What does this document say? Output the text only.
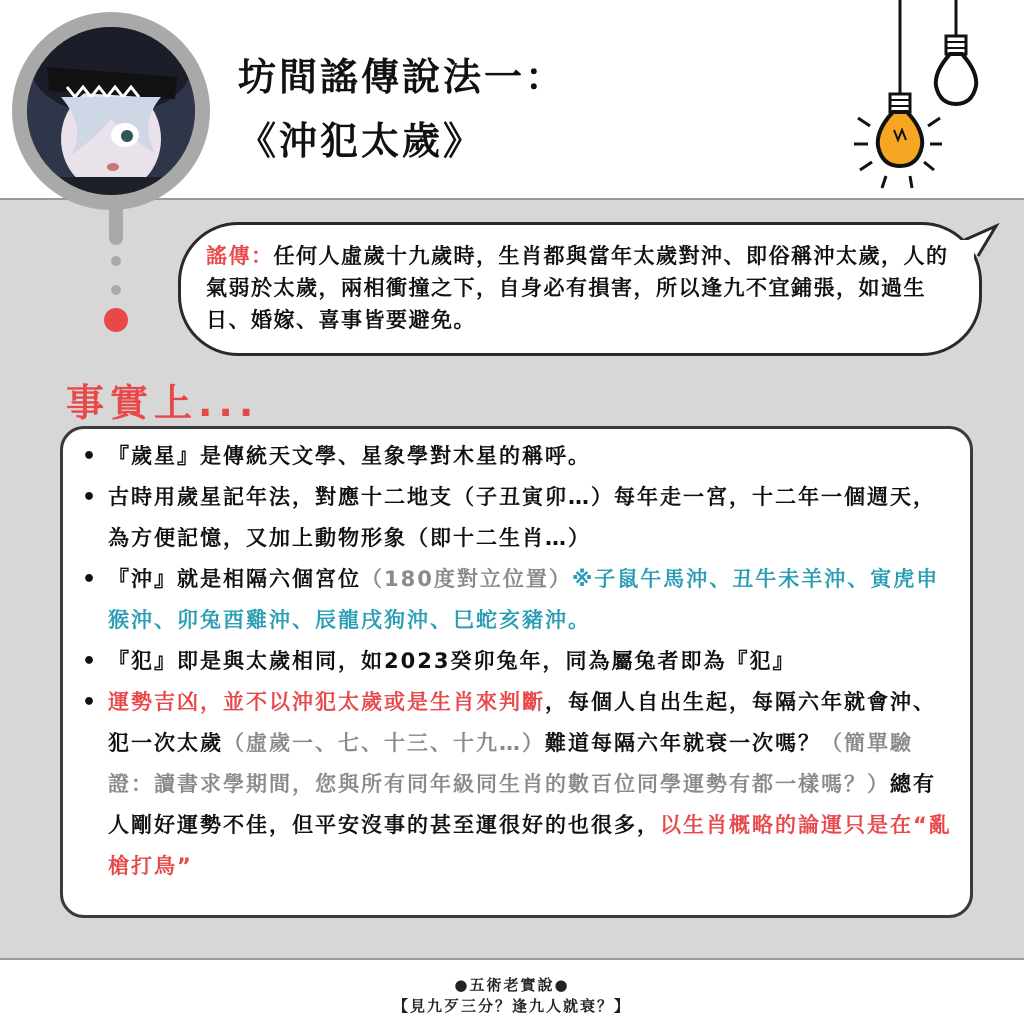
坊間謠傳說法一：
《沖犯太歲》
謠傳：任何人虛歲十九歲時，生肖都與當年太歲對沖、即俗稱沖太歲，人的氣弱於太歲，兩相衝撞之下，自身必有損害，所以逢九不宜鋪張，如過生日、婚嫁、喜事皆要避免。
事實上...
• 『歲星』是傳統天文學、星象學對木星的稱呼。
• 古時用歲星記年法，對應十二地支（子丑寅卯…）每年走一宮，十二年一個週天，為方便記憶，又加上動物形象（即十二生肖…）
• 『沖』就是相隔六個宮位（180度對立位置）※子鼠午馬沖、丑牛未羊沖、寅虎申猴沖、卯兔酉雞沖、辰龍戌狗沖、巳蛇亥豬沖。
• 『犯』即是與太歲相同，如2023癸卯兔年，同為屬兔者即為『犯』
• 運勢吉凶，並不以沖犯太歲或是生肖來判斷，每個人自出生起，每隔六年就會沖、犯一次太歲（虛歲一、七、十三、十九…）難道每隔六年就衰一次嗎？（簡單驗證：讀書求學期間，您與所有同年級同生肖的數百位同學運勢有都一樣嗎？）總有人剛好運勢不佳，但平安沒事的甚至運很好的也很多，以生肖概略的論運只是在“亂槍打鳥”
●五術老實說●
【見九歹三分？逢九人就衰？】
